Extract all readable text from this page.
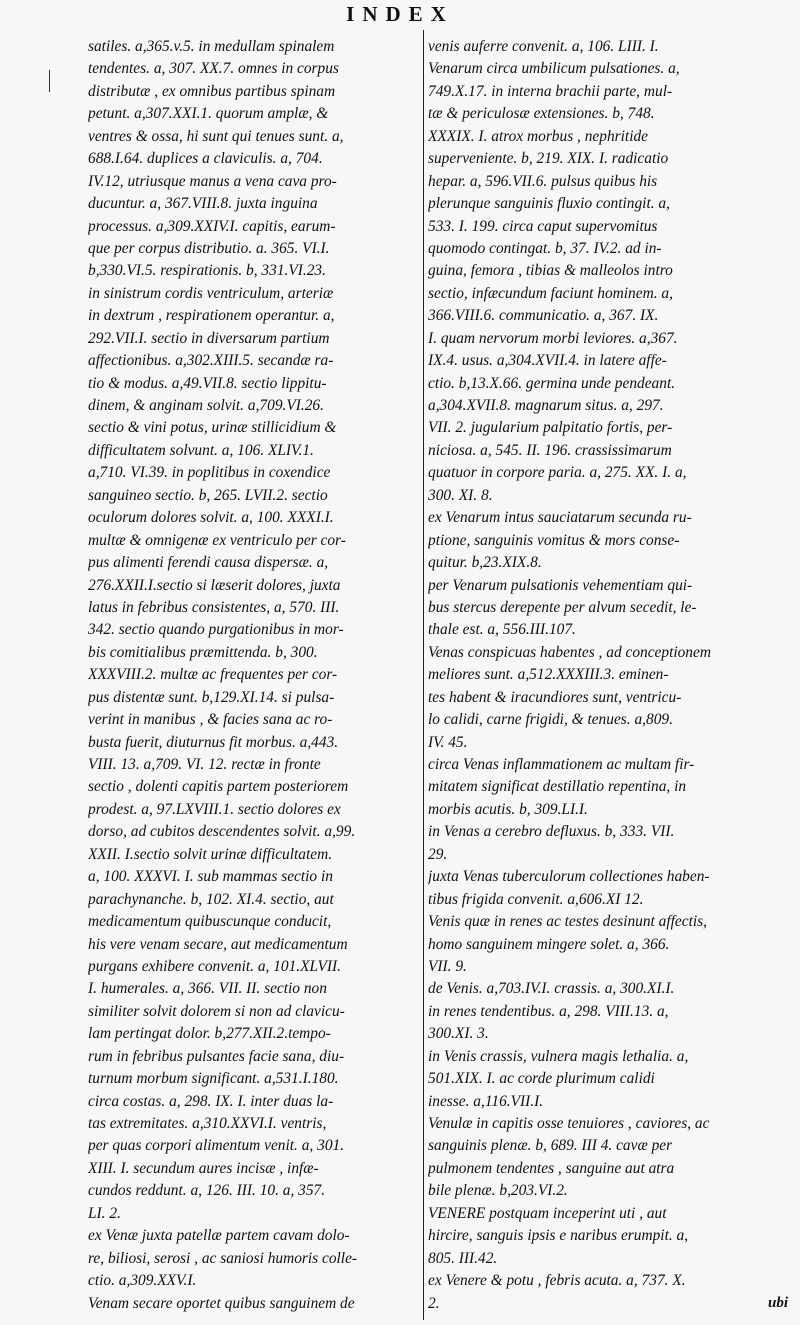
INDEX
satiles. a,365.v.5. in medullam spinalem
tendentes. a, 307. XX.7. omnes in corpus
distributæ , ex omnibus partibus spinam
petunt. a,307.XXI.1. quorum amplæ, &
ventres & ossa, hi sunt qui tenues sunt. a,
688.I.64. duplices a claviculis. a, 704.
IV.12, utriusque manus a vena cava pro-
ducuntur. a, 367.VIII.8. juxta inguina
processus. a,309.XXIV.I. capitis, earum-
que per corpus distributio. a. 365. VI.I.
b,330.VI.5. respirationis. b, 331.VI.23.
in sinistrum cordis ventriculum, arteriæ
in dextrum , respirationem operantur. a,
292.VII.I. sectio in diversarum partium
affectionibus. a,302.XIII.5. secandæ ra-
tio & modus. a,49.VII.8. sectio lippitu-
dinem, & anginam solvit. a,709.VI.26.
sectio & vini potus, urinæ stillicidium &
difficultatem solvunt. a, 106. XLIV.1.
a,710. VI.39. in poplitibus in coxendice
sanguineo sectio. b, 265. LVII.2. sectio
oculorum dolores solvit. a, 100. XXXI.I.
multæ & omnigenæ ex ventriculo per cor-
pus alimenti ferendi causa dispersæ. a,
276.XXII.I.sectio si læserit dolores, juxta
latus in febribus consistentes, a, 570. III.
342. sectio quando purgationibus in mor-
bis comitialibus præmittenda. b, 300.
XXXVIII.2. multæ ac frequentes per cor-
pus distentæ sunt. b,129.XI.14. si pulsa-
verint in manibus , & facies sana ac ro-
busta fuerit, diuturnus fit morbus. a,443.
VIII. 13. a,709. VI. 12. rectæ in fronte
sectio , dolenti capitis partem posteriorem
prodest. a, 97.LXVIII.1. sectio dolores ex
dorso, ad cubitos descendentes solvit. a,99.
XXII. I.sectio solvit urinæ difficultatem.
a, 100. XXXVI. I. sub mammas sectio in
parachynanche. b, 102. XI.4. sectio, aut
medicamentum quibuscunque conducit,
his vere venam secare, aut medicamentum
purgans exhibere convenit. a, 101.XLVII.
I. humerales. a, 366. VII. II. sectio non
similiter solvit dolorem si non ad clavicu-
lam pertingat dolor. b,277.XII.2.tempo-
rum in febribus pulsantes facie sana, diu-
turnum morbum significant. a,531.I.180.
circa costas. a, 298. IX. I. inter duas la-
tas extremitates. a,310.XXVI.I. ventris,
per quas corpori alimentum venit. a, 301.
XIII. I. secundum aures incisæ , infæ-
cundos reddunt. a, 126. III. 10. a, 357.
LI. 2.
ex Venæ juxta patellæ partem cavam dolo-
re, biliosi, serosi , ac saniosi humoris colle-
ctio. a,309.XXV.I.
Venam secare oportet quibus sanguinem de
venis auferre convenit. a, 106. LIII. I.
Venarum circa umbilicum pulsationes. a,
749.X.17. in interna brachii parte, mul-
tæ & periculosæ extensiones. b, 748.
XXXIX. I. atrox morbus , nephritide
superveniente. b, 219. XIX. I. radicatio
hepar. a, 596.VII.6. pulsus quibus his
plerunque sanguinis fluxio contingit. a,
533. I. 199. circa caput supervomitus
quomodo contingat. b, 37. IV.2. ad in-
guina, femora , tibias & malleolos intro
sectio, infæcundum faciunt hominem. a,
366.VIII.6. communicatio. a, 367. IX.
I. quam nervorum morbi leviores. a,367.
IX.4. usus. a,304.XVII.4. in latere affe-
ctio. b,13.X.66. germina unde pendeant.
a,304.XVII.8. magnarum situs. a, 297.
VII. 2. jugularium palpitatio fortis, per-
niciosa. a, 545. II. 196. crassissimarum
quatuor in corpore paria. a, 275. XX. I. a,
300. XI. 8.
ex Venarum intus sauciatarum secunda ru-
ptione, sanguinis vomitus & mors conse-
quitur. b,23.XIX.8.
per Venarum pulsationis vehementiam qui-
bus stercus derepente per alvum secedit, le-
thale est. a, 556.III.107.
Venas conspicuas habentes , ad conceptionem
meliores sunt. a,512.XXXIII.3. eminen-
tes habent & iracundiores sunt, ventricu-
lo calidi, carne frigidi, & tenues. a,809.
IV. 45.
circa Venas inflammationem ac multam fir-
mitatem significat destillatio repentina, in
morbis acutis. b, 309.LI.I.
in Venas a cerebro defluxus. b, 333. VII.
29.
juxta Venas tuberculorum collectiones haben-
tibus frigida convenit. a,606.XI 12.
Venis quæ in renes ac testes desinunt affectis,
homo sanguinem mingere solet. a, 366.
VII. 9.
de Venis. a,703.IV.I. crassis. a, 300.XI.I.
in renes tendentibus. a, 298. VIII.13. a,
300.XI. 3.
in Venis crassis, vulnera magis lethalia. a,
501.XIX. I. ac corde plurimum calidi
inesse. a,116.VII.I.
Venulæ in capitis osse tenuiores , caviores, ac
sanguinis plenæ. b, 689. III 4. cavæ per
pulmonem tendentes , sanguine aut atra
bile plenæ. b,203.VI.2.
VENERE postquam inceperint uti , aut
hircire, sanguis ipsis e naribus erumpit. a,
805. III.42.
ex Venere & potu , febris acuta. a, 737. X.
2.	ubi
